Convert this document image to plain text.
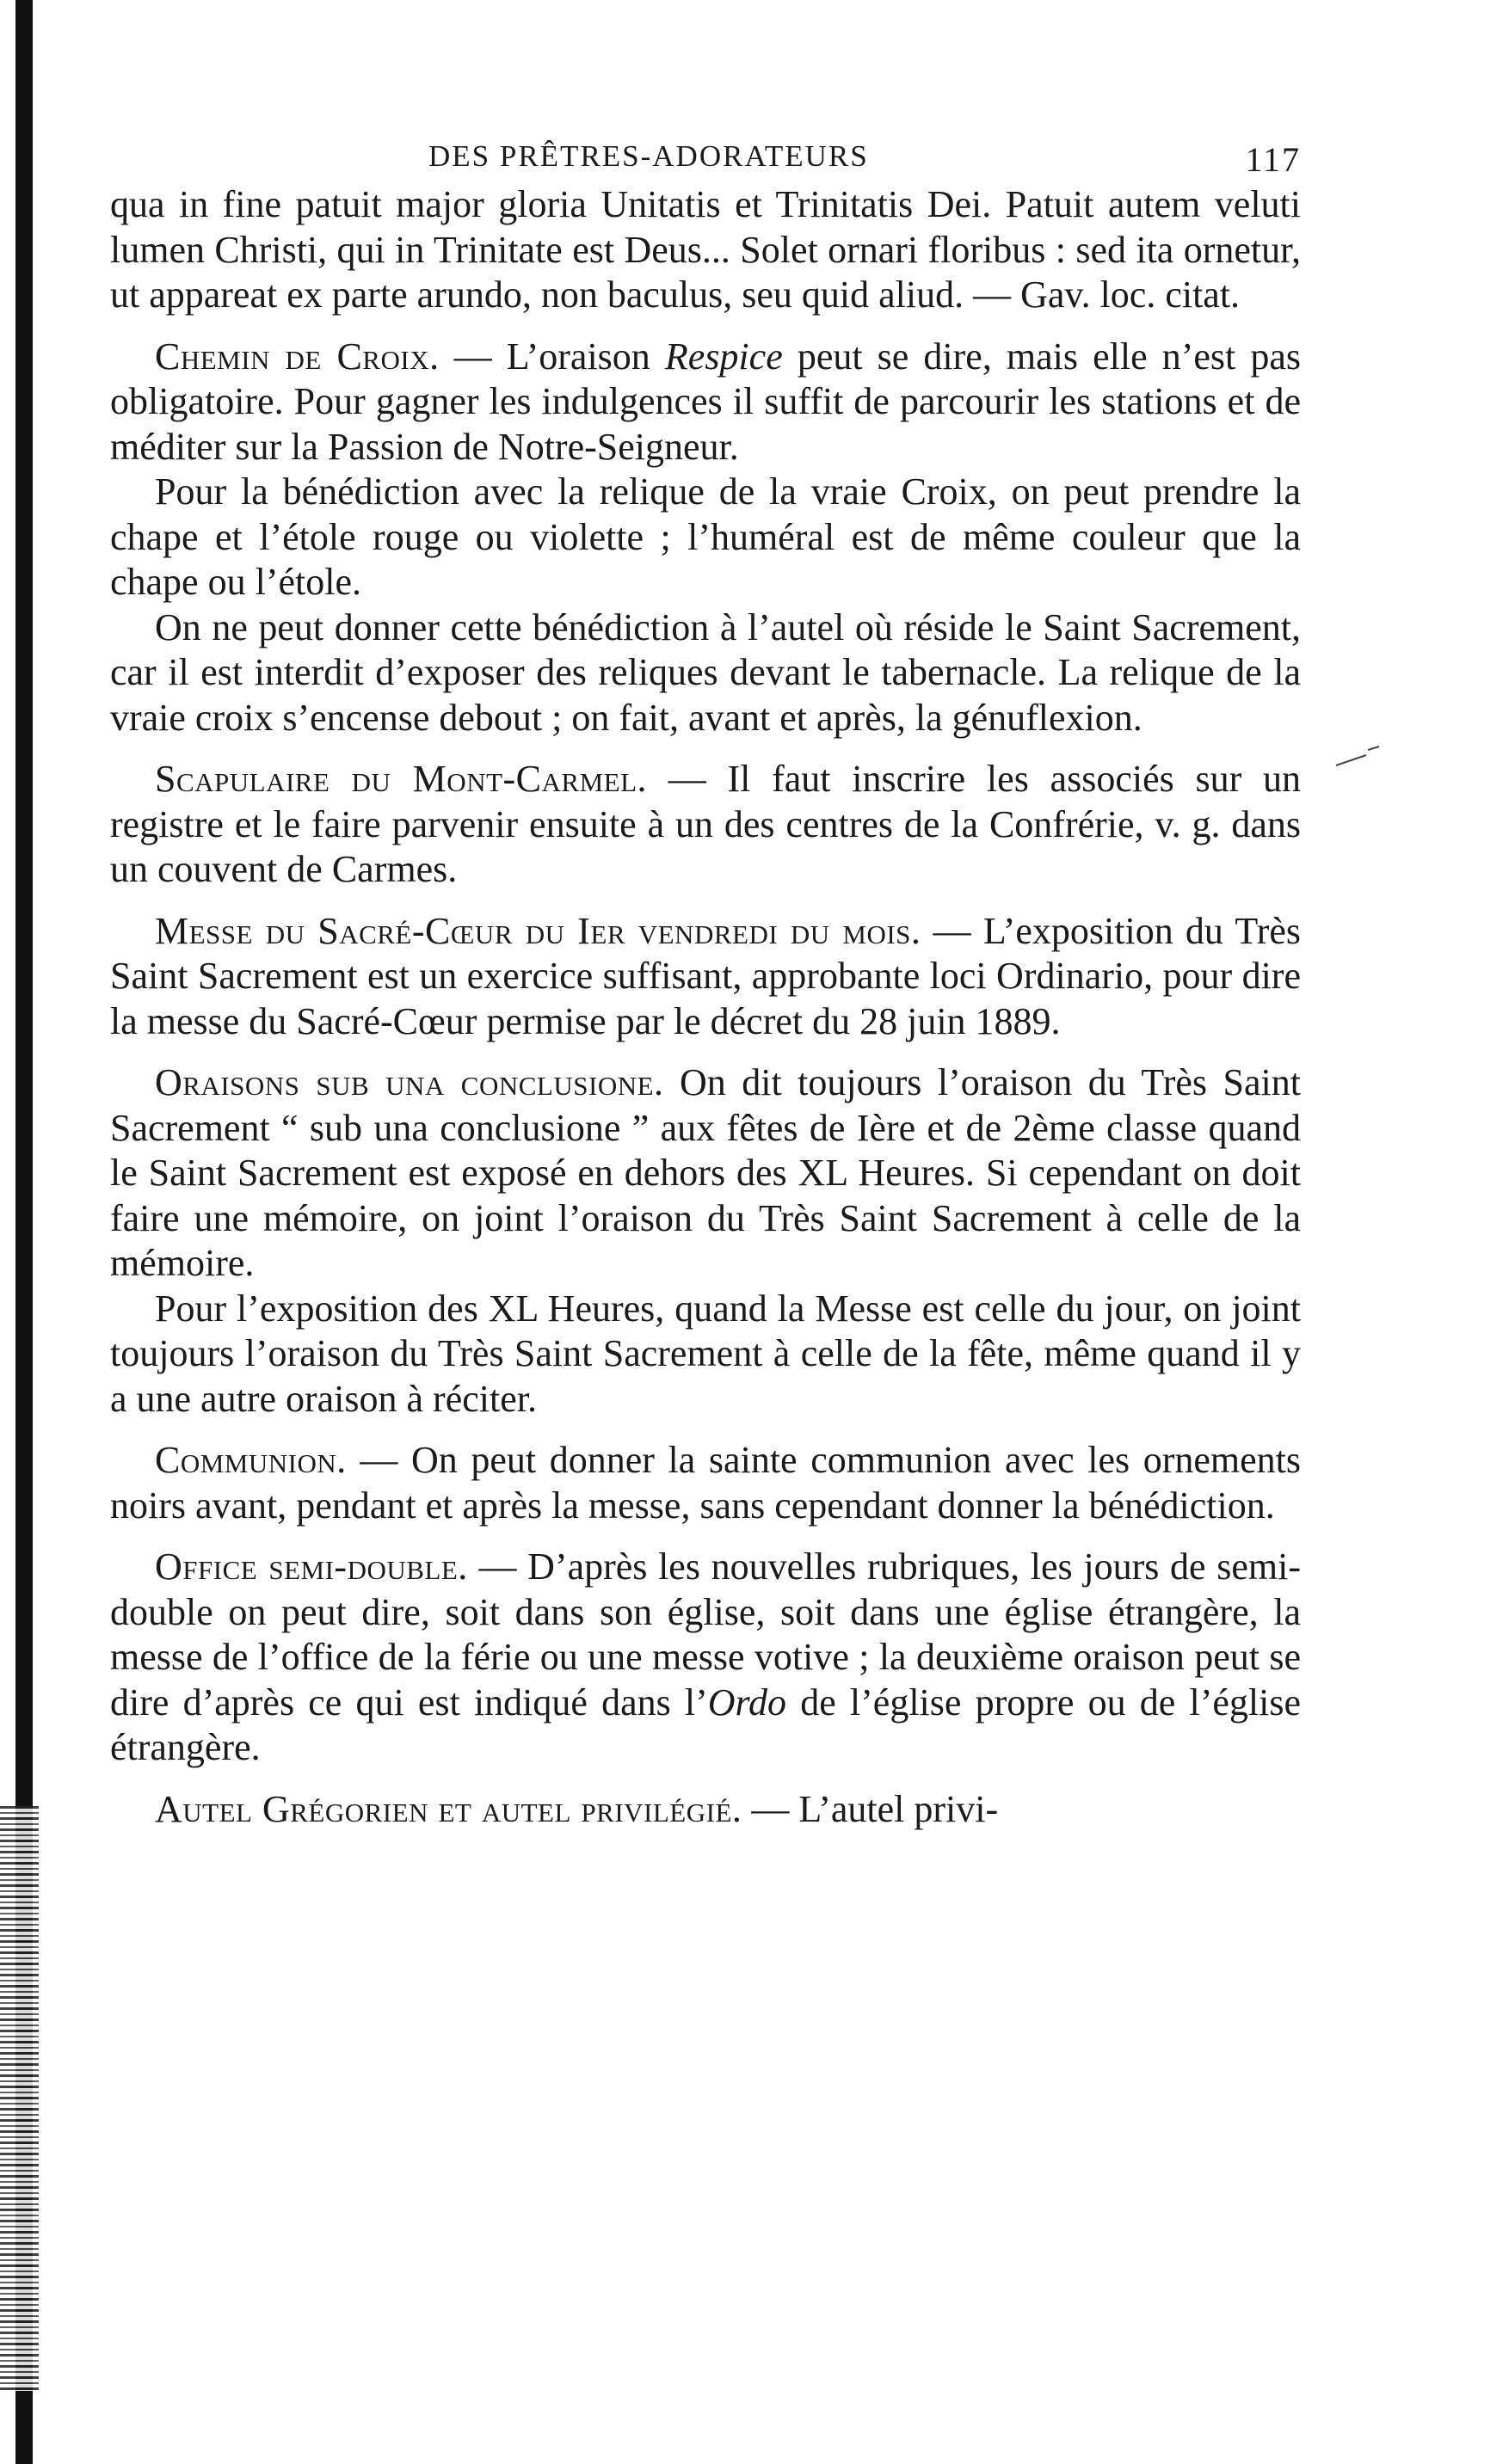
DES PRÊTRES-ADORATEURS	117

qua in fine patuit major gloria Unitatis et Trinitatis Dei. Patuit autem veluti lumen Christi, qui in Trinitate est Deus... Solet ornari floribus : sed ita ornetur, ut appareat ex parte arundo, non baculus, seu quid aliud. — Gav. loc. citat.

Chemin de Croix. — L’oraison Respice peut se dire, mais elle n’est pas obligatoire. Pour gagner les indulgences il suffit de parcourir les stations et de méditer sur la Passion de Notre-Seigneur.

Pour la bénédiction avec la relique de la vraie Croix, on peut prendre la chape et l’étole rouge ou violette ; l’huméral est de même couleur que la chape ou l’étole.

On ne peut donner cette bénédiction à l’autel où réside le Saint Sacrement, car il est interdit d’exposer des reliques devant le tabernacle. La relique de la vraie croix s’encense debout ; on fait, avant et après, la génuflexion.

Scapulaire du Mont-Carmel. — Il faut inscrire les associés sur un registre et le faire parvenir ensuite à un des centres de la Confrérie, v. g. dans un couvent de Carmes.

Messe du Sacré-Cœur du Ier vendredi du mois. — L’exposition du Très Saint Sacrement est un exercice suffisant, approbante loci Ordinario, pour dire la messe du Sacré-Cœur permise par le décret du 28 juin 1889.

Oraisons sub una conclusione. On dit toujours l’oraison du Très Saint Sacrement “ sub una conclusione ” aux fêtes de Ière et de 2ème classe quand le Saint Sacrement est exposé en dehors des XL Heures. Si cependant on doit faire une mémoire, on joint l’oraison du Très Saint Sacrement à celle de la mémoire.

Pour l’exposition des XL Heures, quand la Messe est celle du jour, on joint toujours l’oraison du Très Saint Sacrement à celle de la fête, même quand il y a une autre oraison à réciter.

Communion. — On peut donner la sainte communion avec les ornements noirs avant, pendant et après la messe, sans cependant donner la bénédiction.

Office semi-double. — D’après les nouvelles rubriques, les jours de semi-double on peut dire, soit dans son église, soit dans une église étrangère, la messe de l’office de la férie ou une messe votive ; la deuxième oraison peut se dire d’après ce qui est indiqué dans l’Ordo de l’église propre ou de l’église étrangère.

Autel Grégorien et autel privilégié. — L’autel privi-
